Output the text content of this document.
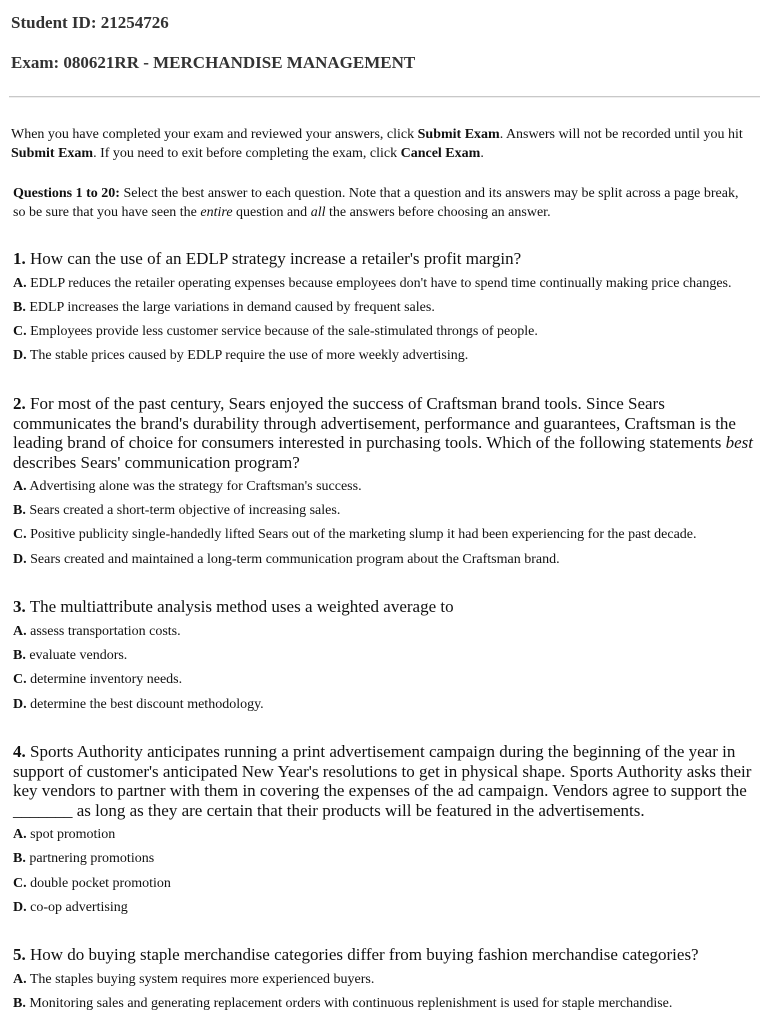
Student ID: 21254726
Exam: 080621RR - MERCHANDISE MANAGEMENT
When you have completed your exam and reviewed your answers, click Submit Exam. Answers will not be recorded until you hit Submit Exam. If you need to exit before completing the exam, click Cancel Exam.
Questions 1 to 20: Select the best answer to each question. Note that a question and its answers may be split across a page break, so be sure that you have seen the entire question and all the answers before choosing an answer.
1. How can the use of an EDLP strategy increase a retailer's profit margin?
A. EDLP reduces the retailer operating expenses because employees don't have to spend time continually making price changes.
B. EDLP increases the large variations in demand caused by frequent sales.
C. Employees provide less customer service because of the sale-stimulated throngs of people.
D. The stable prices caused by EDLP require the use of more weekly advertising.
2. For most of the past century, Sears enjoyed the success of Craftsman brand tools. Since Sears communicates the brand's durability through advertisement, performance and guarantees, Craftsman is the leading brand of choice for consumers interested in purchasing tools. Which of the following statements best describes Sears' communication program?
A. Advertising alone was the strategy for Craftsman's success.
B. Sears created a short-term objective of increasing sales.
C. Positive publicity single-handedly lifted Sears out of the marketing slump it had been experiencing for the past decade.
D. Sears created and maintained a long-term communication program about the Craftsman brand.
3. The multiattribute analysis method uses a weighted average to
A. assess transportation costs.
B. evaluate vendors.
C. determine inventory needs.
D. determine the best discount methodology.
4. Sports Authority anticipates running a print advertisement campaign during the beginning of the year in support of customer's anticipated New Year's resolutions to get in physical shape. Sports Authority asks their key vendors to partner with them in covering the expenses of the ad campaign. Vendors agree to support the _______ as long as they are certain that their products will be featured in the advertisements.
A. spot promotion
B. partnering promotions
C. double pocket promotion
D. co-op advertising
5. How do buying staple merchandise categories differ from buying fashion merchandise categories?
A. The staples buying system requires more experienced buyers.
B. Monitoring sales and generating replacement orders with continuous replenishment is used for staple merchandise.
